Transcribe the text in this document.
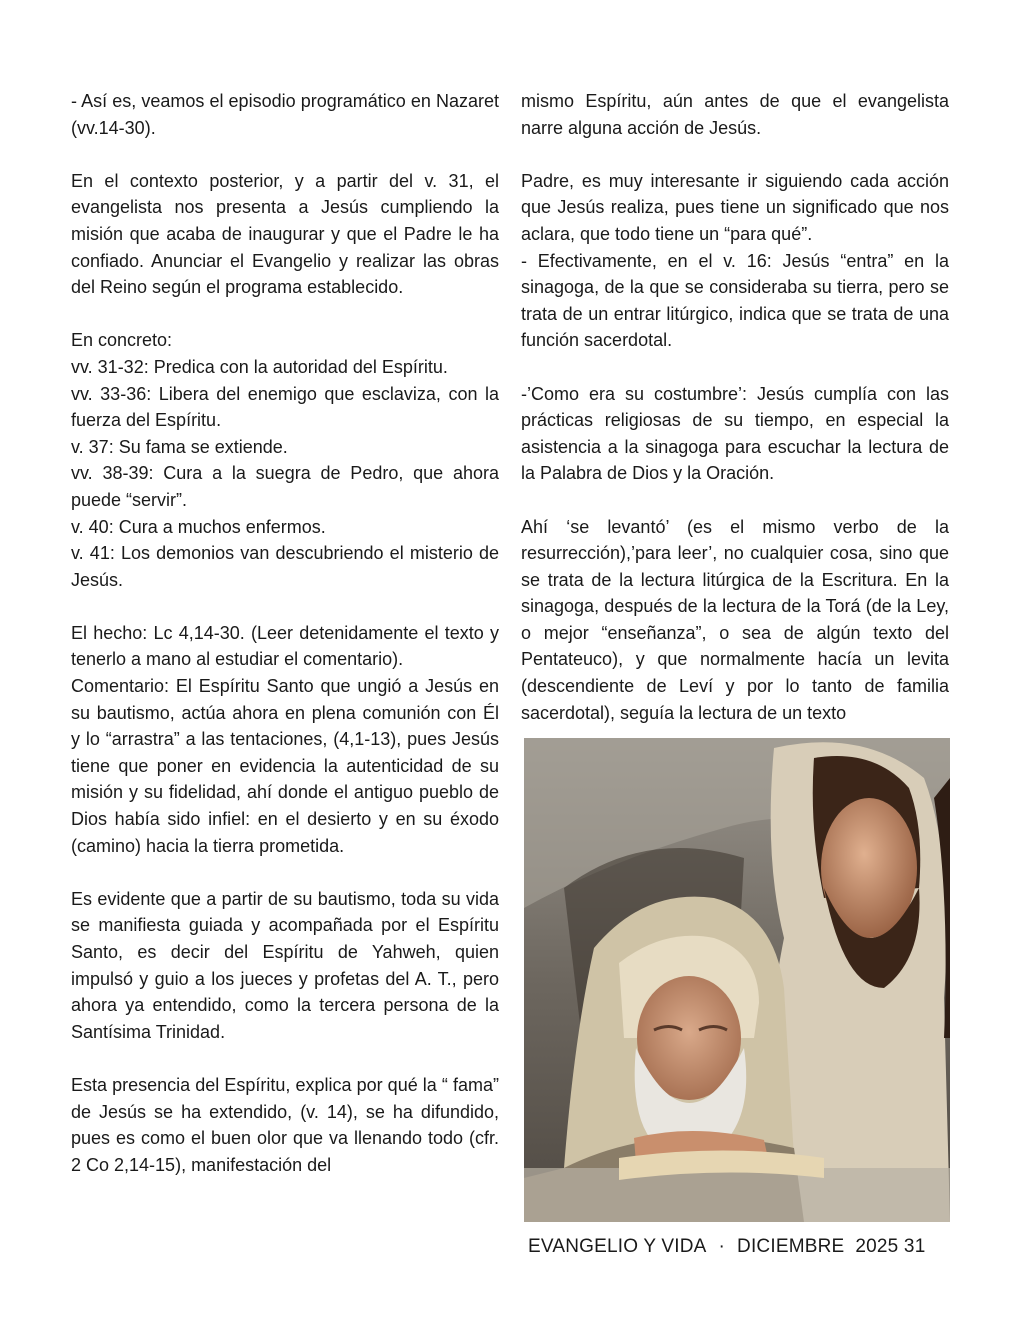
- Así es, veamos el episodio programático en Nazaret (vv.14-30).

En el contexto posterior, y a partir del v. 31, el evangelista nos presenta a Jesús cumpliendo la misión que acaba de inaugurar y que el Padre le ha confiado. Anunciar el Evangelio y realizar las obras del Reino según el programa establecido.

En concreto:

vv. 31-32: Predica con la autoridad del Espíritu.

vv. 33-36: Libera del enemigo que esclaviza, con la fuerza del Espíritu.

v. 37: Su fama se extiende.

vv. 38-39: Cura a la suegra de Pedro, que ahora puede “servir”.

v. 40: Cura a muchos enfermos.

v. 41: Los demonios van descubriendo el misterio de Jesús.

El hecho: Lc 4,14-30. (Leer detenidamente el texto y tenerlo a mano al estudiar el comentario).

Comentario: El Espíritu Santo que ungió a Jesús en su bautismo, actúa ahora en plena comunión con Él y lo “arrastra” a las tentaciones, (4,1-13), pues Jesús tiene que poner en evidencia la autenticidad de su misión y su fidelidad, ahí donde el antiguo pueblo de Dios había sido infiel: en el desierto y en su éxodo (camino) hacia la tierra prometida.

Es evidente que a partir de su bautismo, toda su vida se manifiesta guiada y acompañada por el Espíritu Santo, es decir del Espíritu de Yahweh, quien impulsó y guio a los jueces y profetas del A. T., pero ahora ya entendido, como la tercera persona de la Santísima Trinidad.

Esta presencia del Espíritu, explica por qué la “ fama” de Jesús se ha extendido, (v. 14), se ha difundido, pues es como el buen olor que va llenando todo (cfr. 2 Co 2,14-15), manifestación del

mismo Espíritu, aún antes de que el evangelista narre alguna acción de Jesús.

Padre, es muy interesante ir siguiendo cada acción que Jesús realiza, pues tiene un significado que nos aclara, que todo tiene un “para qué”.

- Efectivamente, en el v. 16: Jesús “entra” en la sinagoga, de la que se consideraba su tierra, pero se trata de un entrar litúrgico, indica que se trata de una función sacerdotal.

-’Como era su costumbre’: Jesús cumplía con las prácticas religiosas de su tiempo, en especial la asistencia a la sinagoga para escuchar la lectura de la Palabra de Dios y la Oración.

Ahí ‘se levantó’ (es el mismo verbo de la resurrección),’para leer’, no cualquier cosa, sino que se trata de la lectura litúrgica de la Escritura. En la sinagoga, después de la lectura de la Torá (de la Ley, o mejor “enseñanza”, o sea de algún texto del Pentateuco), y que normalmente hacía un levita (descendiente de Leví y por lo tanto de familia sacerdotal), seguía la lectura de un texto

EVANGELIO Y VIDA · DICIEMBRE  2025 31
